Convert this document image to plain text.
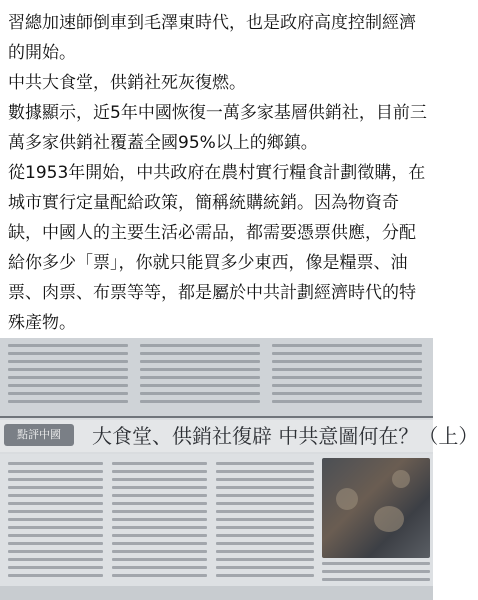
習總加速師倒車到毛澤東時代，也是政府高度控制經濟的開始。

中共大食堂，供銷社死灰復燃。

數據顯示，近5年中國恢復一萬多家基層供銷社，目前三萬多家供銷社覆蓋全國95%以上的鄉鎮。

從1953年開始，中共政府在農村實行糧食計劃徵購，在城市實行定量配給政策，簡稱統購統銷。因為物資奇缺，中國人的主要生活必需品，都需要憑票供應，分配給你多少「票」，你就只能買多少東西，像是糧票、油票、肉票、布票等等，都是屬於中共計劃經濟時代的特殊產物。

點評中國	大食堂、供銷社復辟 中共意圖何在？（上）
